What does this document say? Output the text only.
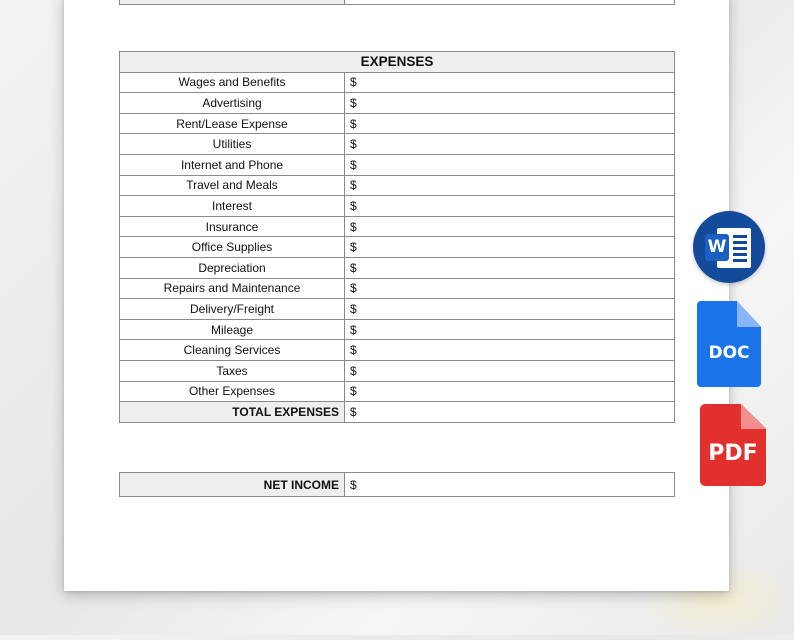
EXPENSES	
Wages and Benefits	$
Advertising	$
Rent/Lease Expense	$
Utilities	$
Internet and Phone	$
Travel and Meals	$
Interest	$
Insurance	$
Office Supplies	$
Depreciation	$
Repairs and Maintenance	$
Delivery/Freight	$
Mileage	$
Cleaning Services	$
Taxes	$
Other Expenses	$
TOTAL EXPENSES	$
NET INCOME	$
W
DOC
PDF
